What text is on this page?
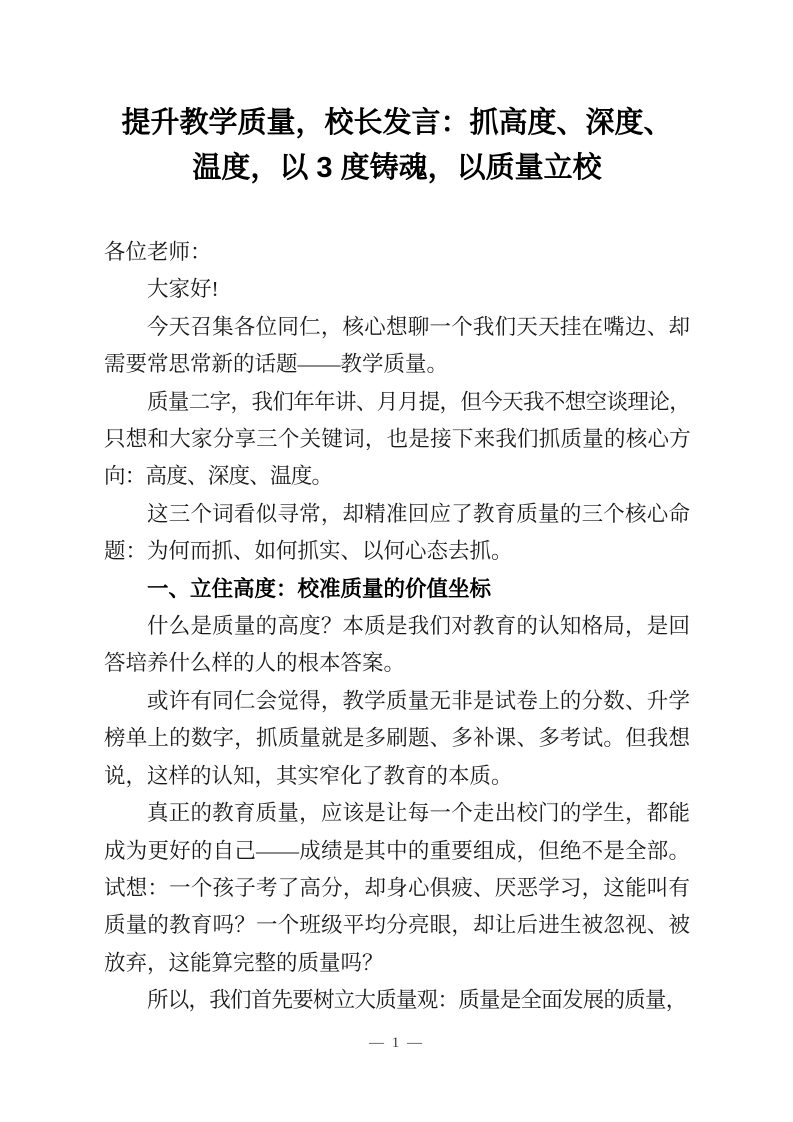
提升教学质量，校长发言：抓高度、深度、
温度，以 3 度铸魂，以质量立校

各位老师：

大家好!

今天召集各位同仁，核心想聊一个我们天天挂在嘴边、却需要常思常新的话题——教学质量。

质量二字，我们年年讲、月月提，但今天我不想空谈理论，只想和大家分享三个关键词，也是接下来我们抓质量的核心方向：高度、深度、温度。

这三个词看似寻常，却精准回应了教育质量的三个核心命题：为何而抓、如何抓实、以何心态去抓。

一、立住高度：校准质量的价值坐标

什么是质量的高度？本质是我们对教育的认知格局，是回答培养什么样的人的根本答案。

或许有同仁会觉得，教学质量无非是试卷上的分数、升学榜单上的数字，抓质量就是多刷题、多补课、多考试。但我想说，这样的认知，其实窄化了教育的本质。

真正的教育质量，应该是让每一个走出校门的学生，都能成为更好的自己——成绩是其中的重要组成，但绝不是全部。试想：一个孩子考了高分，却身心俱疲、厌恶学习，这能叫有质量的教育吗？一个班级平均分亮眼，却让后进生被忽视、被放弃，这能算完整的质量吗？

所以，我们首先要树立大质量观：质量是全面发展的质量，

— 1 —
